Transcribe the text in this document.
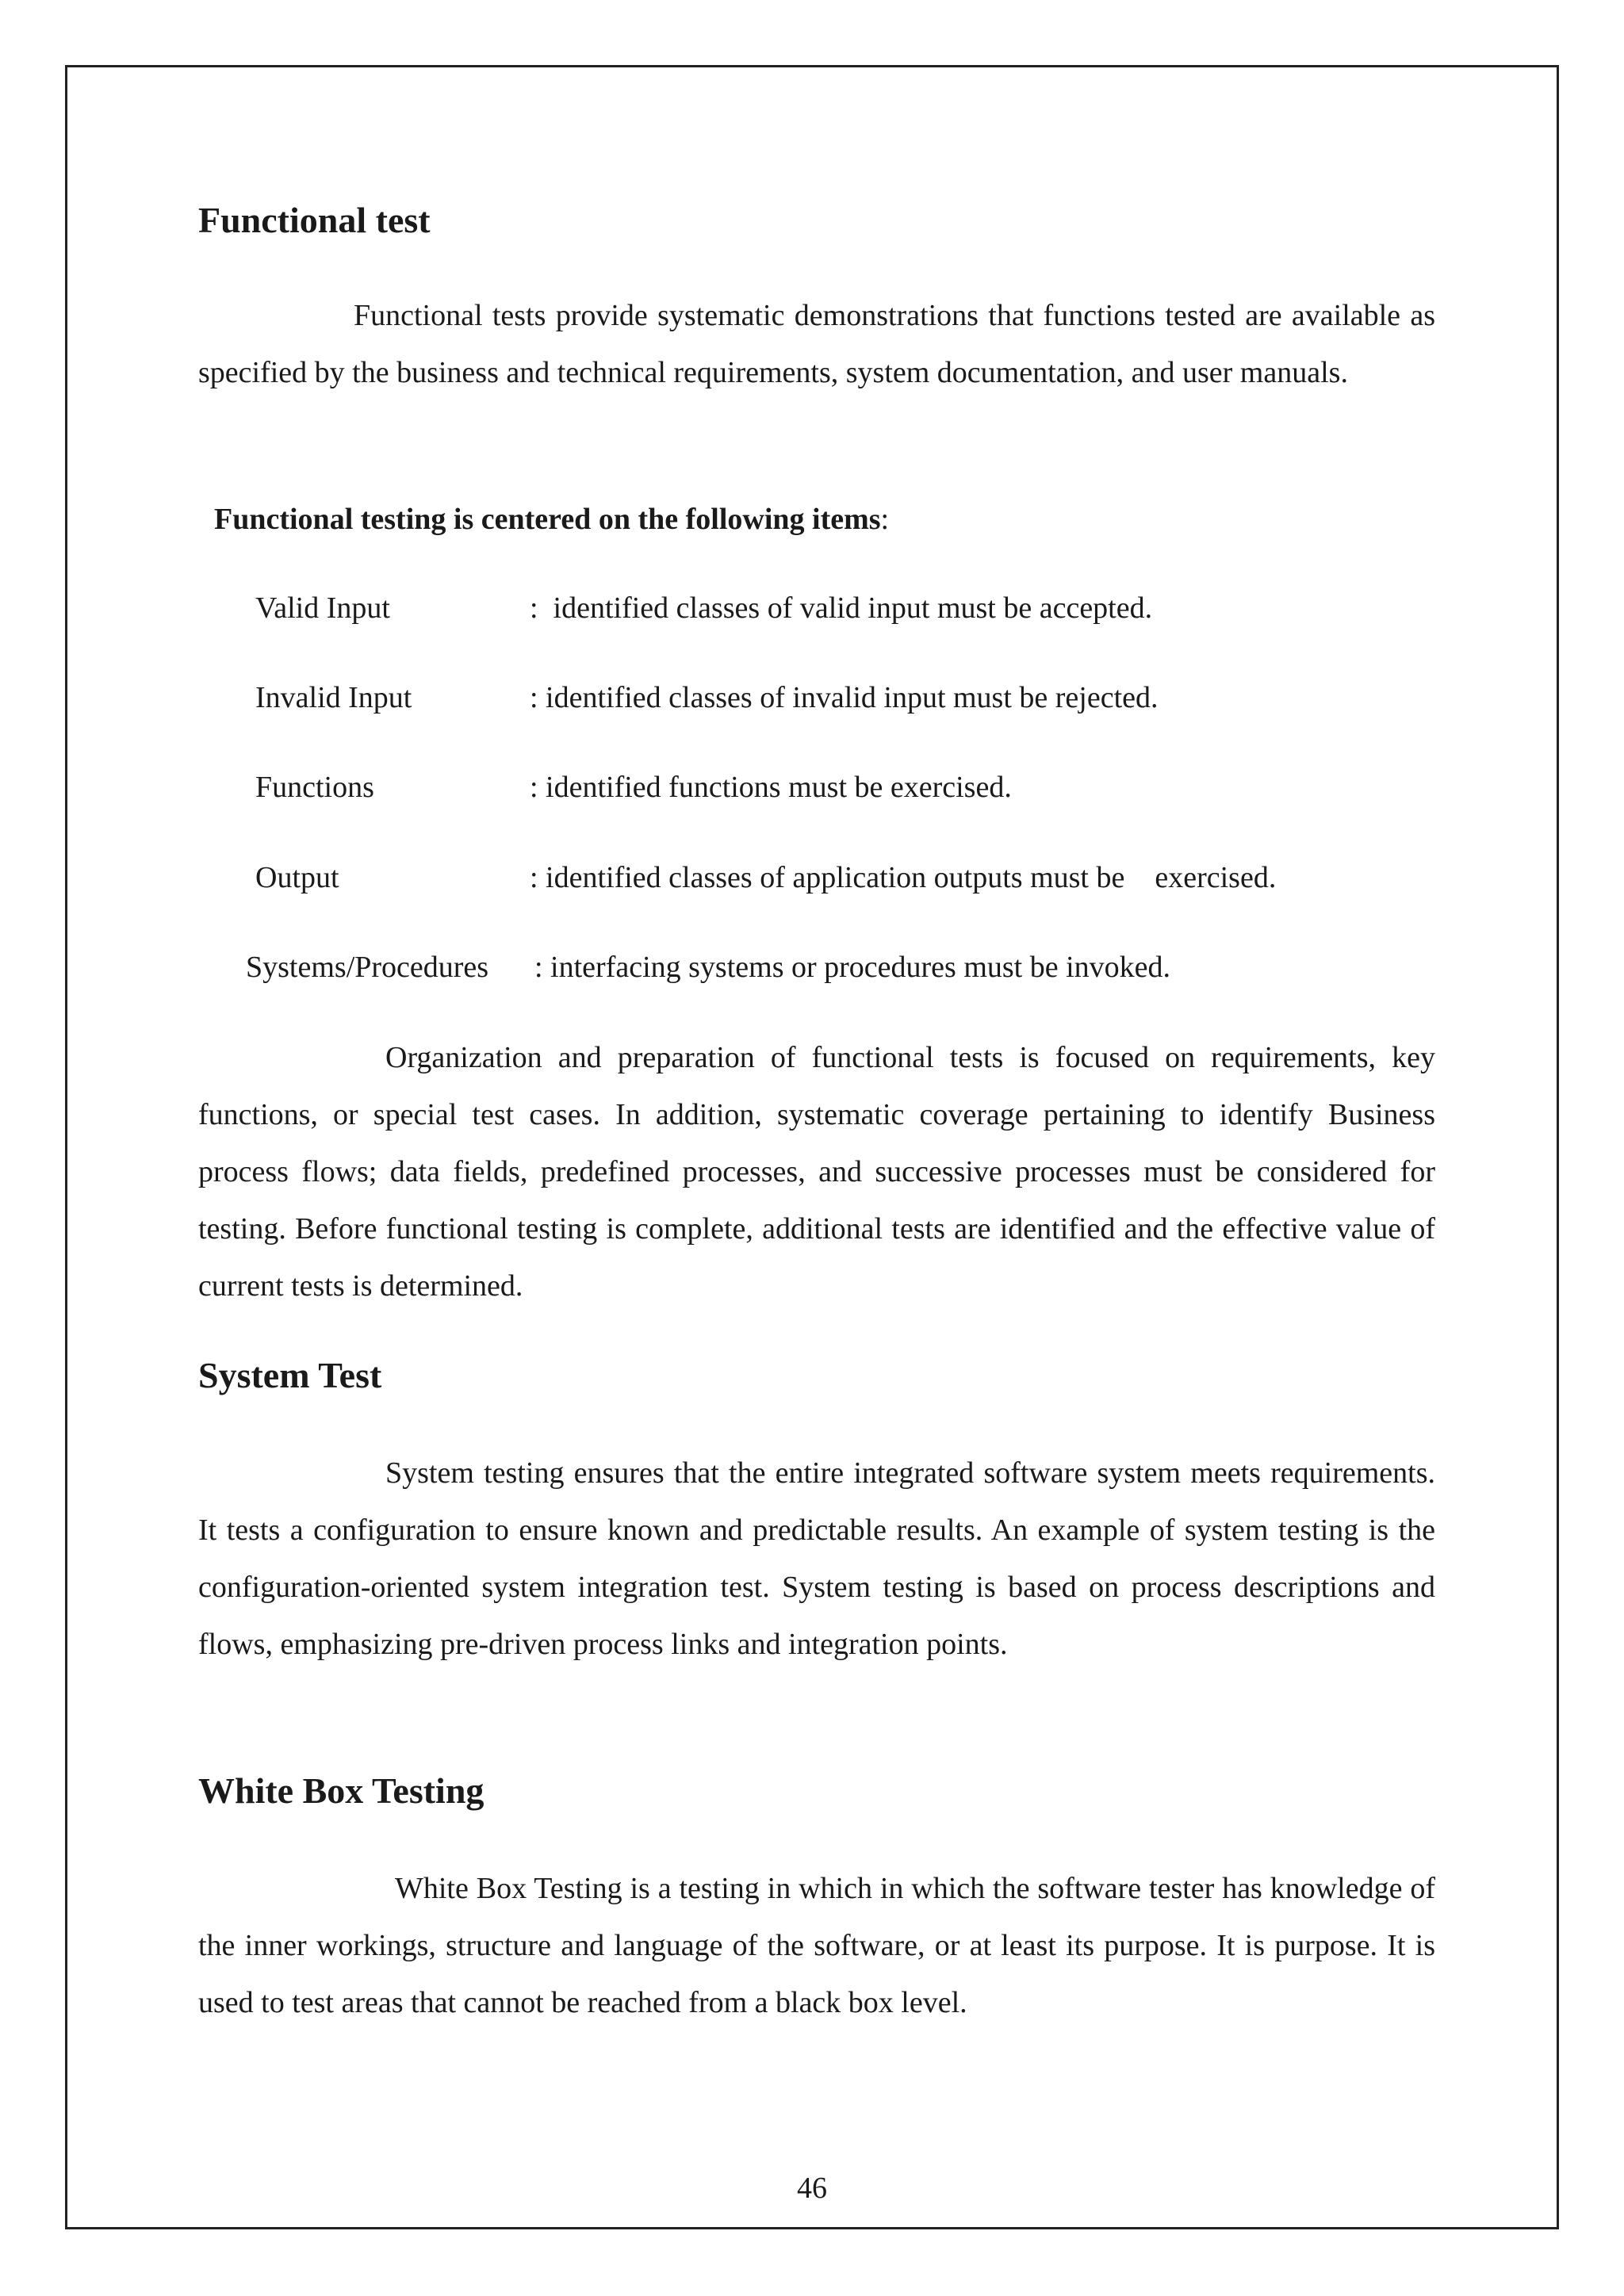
Functional test

Functional tests provide systematic demonstrations that functions tested are available as specified by the business and technical requirements, system documentation, and user manuals.

Functional testing is centered on the following items:

Valid Input	:  identified classes of valid input must be accepted.
Invalid Input	: identified classes of invalid input must be rejected.
Functions	: identified functions must be exercised.
Output	: identified classes of application outputs must be    exercised.
Systems/Procedures : interfacing systems or procedures must be invoked.

Organization and preparation of functional tests is focused on requirements, key functions, or special test cases. In addition, systematic coverage pertaining to identify Business process flows; data fields, predefined processes, and successive processes must be considered for testing. Before functional testing is complete, additional tests are identified and the effective value of current tests is determined.

System Test

System testing ensures that the entire integrated software system meets requirements. It tests a configuration to ensure known and predictable results. An example of system testing is the configuration-oriented system integration test. System testing is based on process descriptions and flows, emphasizing pre-driven process links and integration points.

White Box Testing

White Box Testing is a testing in which in which the software tester has knowledge of the inner workings, structure and language of the software, or at least its purpose. It is purpose. It is used to test areas that cannot be reached from a black box level.

46
